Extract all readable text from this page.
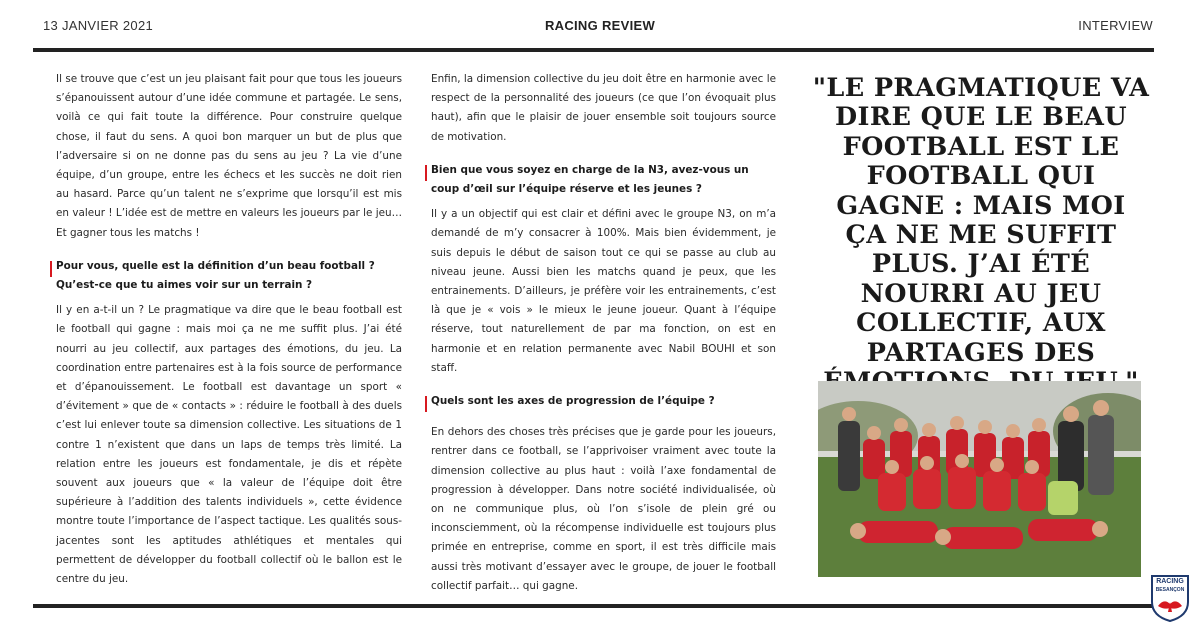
13 JANVIER 2021	RACING REVIEW	INTERVIEW

Il se trouve que c’est un jeu plaisant fait pour que tous les joueurs s’épanouissent autour d’une idée commune et partagée. Le sens, voilà ce qui fait toute la différence. Pour construire quelque chose, il faut du sens. A quoi bon marquer un but de plus que l’adversaire si on ne donne pas du sens au jeu ? La vie d’une équipe, d’un groupe, entre les échecs et les succès ne doit rien au hasard. Parce qu’un talent ne s’exprime que lorsqu’il est mis en valeur ! L’idée est de mettre en valeurs les joueurs par le jeu… Et gagner tous les matchs !

Pour vous, quelle est la définition d’un beau football ? Qu’est-ce que tu aimes voir sur un terrain ?

Il y en a-t-il un ? Le pragmatique va dire que le beau football est le football qui gagne : mais moi ça ne me suffit plus. J’ai été nourri au jeu collectif, aux partages des émotions, du jeu. La coordination entre partenaires est à la fois source de performance et d’épanouissement. Le football est davantage un sport « d’évitement » que de « contacts » : réduire le football à des duels c’est lui enlever toute sa dimension collective. Les situations de 1 contre 1 n’existent que dans un laps de temps très limité. La relation entre les joueurs est fondamentale, je dis et répète souvent aux joueurs que « la valeur de l’équipe doit être supérieure à l’addition des talents individuels », cette évidence montre toute l’importance de l’aspect tactique. Les qualités sous-jacentes sont les aptitudes athlétiques et mentales qui permettent de développer du football collectif où le ballon est le centre du jeu.

Enfin, la dimension collective du jeu doit être en harmonie avec le respect de la personnalité des joueurs (ce que l’on évoquait plus haut), afin que le plaisir de jouer ensemble soit toujours source de motivation.

Bien que vous soyez en charge de la N3, avez-vous un coup d’œil sur l’équipe réserve et les jeunes ?

Il y a un objectif qui est clair et défini avec le groupe N3, on m’a demandé de m’y consacrer à 100%. Mais bien évidemment, je suis depuis le début de saison tout ce qui se passe au club au niveau jeune. Aussi bien les matchs quand je peux, que les entrainements. D’ailleurs, je préfère voir les entrainements, c’est là que je « vois » le mieux le jeune joueur. Quant à l’équipe réserve, tout naturellement de par ma fonction, on est en harmonie et en relation permanente avec Nabil BOUHI et son staff.

Quels sont les axes de progression de l’équipe ?

En dehors des choses très précises que je garde pour les joueurs, rentrer dans ce football, se l’apprivoiser vraiment avec toute la dimension collective au plus haut : voilà l’axe fondamental de progression à développer. Dans notre société individualisée, où on ne communique plus, où l’on s’isole de plein gré ou inconsciemment, où la récompense individuelle est toujours plus primée en entreprise, comme en sport, il est très difficile mais aussi très motivant d’essayer avec le groupe, de jouer le football collectif parfait… qui gagne.

"LE PRAGMATIQUE VA DIRE QUE LE BEAU FOOTBALL EST LE FOOTBALL QUI GAGNE : MAIS MOI ÇA NE ME SUFFIT PLUS. J’AI ÉTÉ NOURRI AU JEU COLLECTIF, AUX PARTAGES DES
RACING
BESANÇON
